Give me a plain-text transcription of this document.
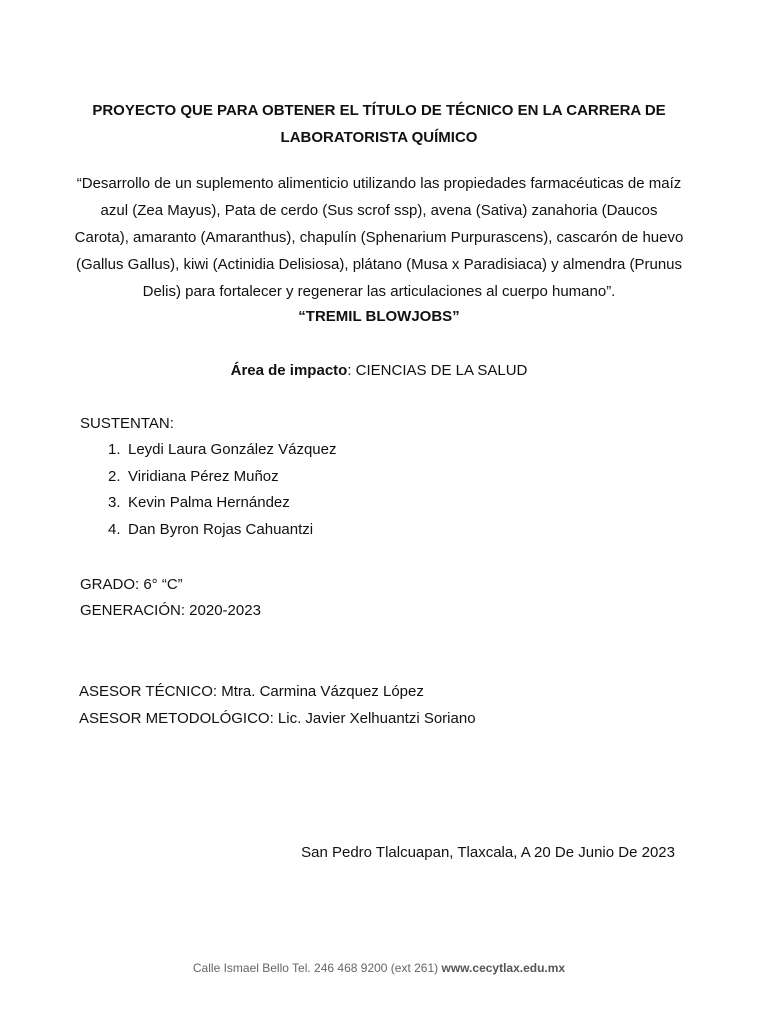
PROYECTO QUE PARA OBTENER EL TÍTULO DE TÉCNICO EN LA CARRERA DE
LABORATORISTA QUÍMICO
“Desarrollo de un suplemento alimenticio utilizando las propiedades farmacéuticas de maíz azul (Zea Mayus), Pata de cerdo (Sus scrof ssp), avena (Sativa) zanahoria (Daucos Carota), amaranto (Amaranthus), chapulín (Sphenarium Purpurascens), cascarón de huevo (Gallus Gallus), kiwi (Actinidia Delisiosa), plátano (Musa x Paradisiaca) y almendra (Prunus Delis) para fortalecer y regenerar las articulaciones al cuerpo humano”.
“TREMIL BLOWJOBS”
Área de impacto: CIENCIAS DE LA SALUD
SUSTENTAN:
1. Leydi Laura González Vázquez
2. Viridiana Pérez Muñoz
3. Kevin Palma Hernández
4. Dan Byron Rojas Cahuantzi
GRADO: 6° “C”
GENERACIÓN: 2020-2023
ASESOR TÉCNICO: Mtra. Carmina Vázquez López
ASESOR METODOLÓGICO: Lic. Javier Xelhuantzi Soriano
San Pedro Tlalcuapan, Tlaxcala, A 20 De Junio De 2023
Calle Ismael Bello Tel. 246 468 9200 (ext 261) www.cecytlax.edu.mx
